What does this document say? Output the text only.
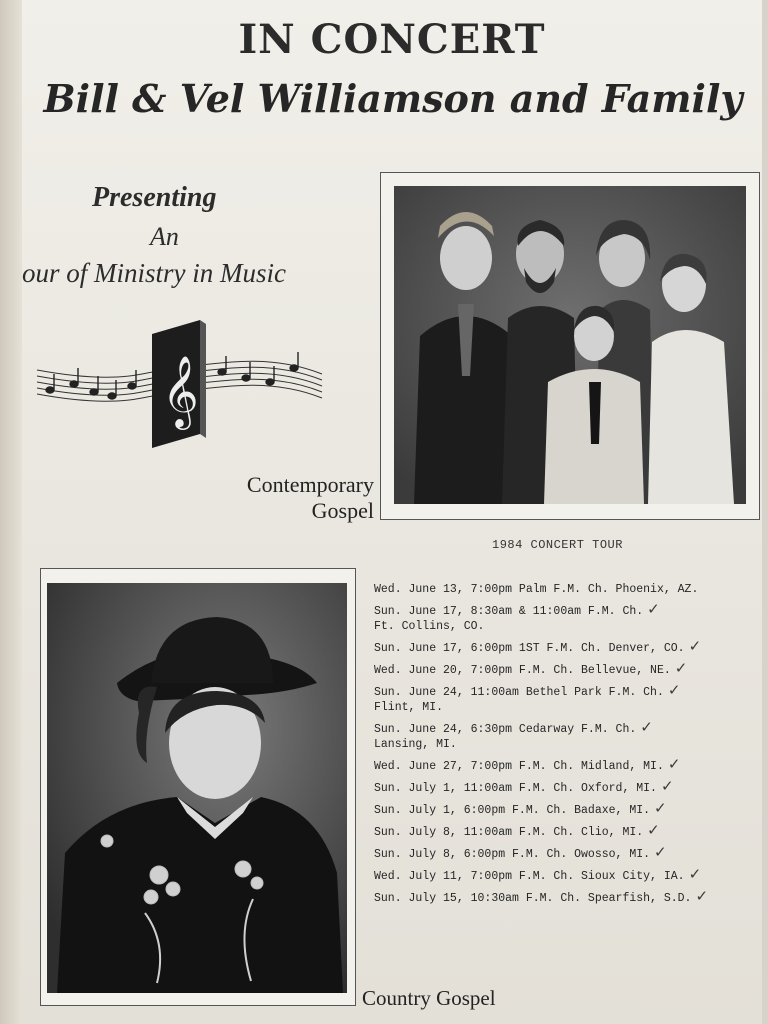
IN CONCERT
Bill & Vel Williamson and Family
Presenting
An
our of Ministry in Music
𝄞
Contemporary
Gospel
1984 CONCERT TOUR
Country Gospel
Wed. June 13, 7:00pm Palm F.M. Ch. Phoenix, AZ.
Sun. June 17, 8:30am & 11:00am F.M. Ch. ✓
Ft. Collins, CO.
Sun. June 17, 6:00pm 1ST F.M. Ch. Denver, CO. ✓
Wed. June 20, 7:00pm F.M. Ch. Bellevue, NE. ✓
Sun. June 24, 11:00am Bethel Park F.M. Ch. ✓
Flint, MI.
Sun. June 24, 6:30pm Cedarway F.M. Ch. ✓
Lansing, MI.
Wed. June 27, 7:00pm F.M. Ch. Midland, MI. ✓
Sun. July 1, 11:00am F.M. Ch. Oxford, MI. ✓
Sun. July 1, 6:00pm F.M. Ch. Badaxe, MI. ✓
Sun. July 8, 11:00am F.M. Ch. Clio, MI. ✓
Sun. July 8, 6:00pm F.M. Ch. Owosso, MI. ✓
Wed. July 11, 7:00pm F.M. Ch. Sioux City, IA. ✓
Sun. July 15, 10:30am F.M. Ch. Spearfish, S.D. ✓
